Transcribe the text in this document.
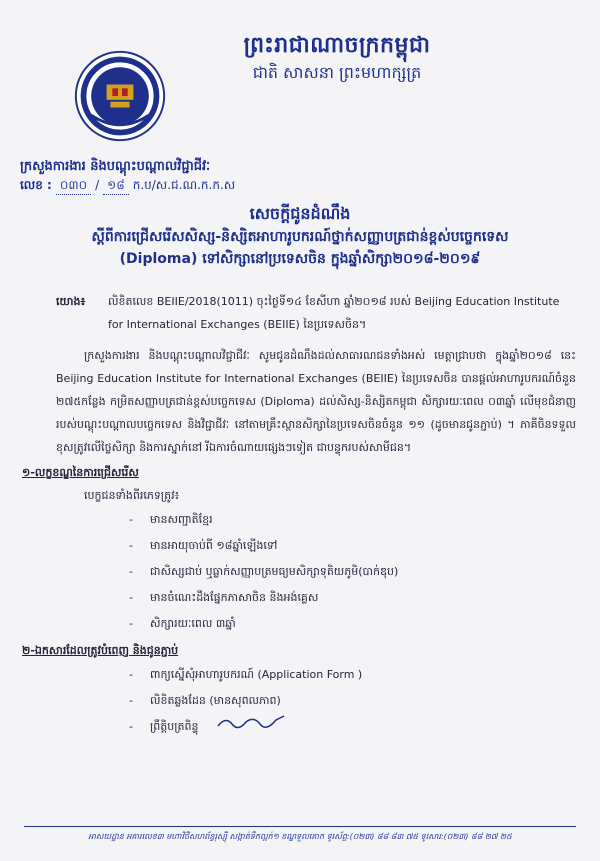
ព្រះរាជាណាចក្រកម្ពុជា
ជាតិ សាសនា ព្រះមហាក្សត្រ
ក្រសួងការងារ និងបណ្តុះបណ្តាលវិជ្ជាជីវៈ
លេខ : ០៣០ / ១៨ ក.ប/ស.ជ.ណ.ក.ក.ស
សេចក្តីជូនដំណឹង
ស្តីពីការជ្រើសរើសសិស្ស-និស្សិតអាហារូបករណ៍ថ្នាក់សញ្ញាបត្រជាន់ខ្ពស់បច្ចេកទេស
(Diploma) ទៅសិក្សានៅប្រទេសចិន ក្នុងឆ្នាំសិក្សា២០១៨-២០១៩
យោង៖	លិខិតលេខ BEIIE/2018(1011) ចុះថ្ងៃទី១៤ ខែសីហា ឆ្នាំ២០១៨ របស់ Beijing Education Institute for International Exchanges (BEIIE) នៃប្រទេសចិន។

ក្រសួងការងារ និងបណ្តុះបណ្តាលវិជ្ជាជីវៈ សូមជូនដំណឹងដល់សាធារណជនទាំងអស់ មេត្តាជ្រាបថា ក្នុងឆ្នាំ២០១៨ នេះ Beijing Education Institute for International Exchanges (BEIIE) នៃប្រទេសចិន បានផ្តល់អាហារូបករណ៍ចំនួន ២៧៥កន្លែង កម្រិតសញ្ញាបត្រជាន់ខ្ពស់បច្ចេកទេស (Diploma) ដល់សិស្ស-និស្សិតកម្ពុជា សិក្សារយៈពេល ០៣ឆ្នាំ លើមុខជំនាញរបស់បណ្តុះបណ្តាលបច្ចេកទេស និងវិជ្ជាជីវៈ នៅតាមគ្រឹះស្ថានសិក្សានៃប្រទេសចិនចំនួន ១១ (ដូចមានជូនភ្ជាប់) ។ ភាគីចិនទទួលខុសត្រូវលើថ្លៃសិក្សា និងការស្នាក់នៅ រីឯការចំណាយផ្សេងៗទៀត ជាបន្ទុករបស់សាមីជន។

១-លក្ខខណ្ឌនៃការជ្រើសរើស
បេក្ខជនទាំងពីរភេទត្រូវ៖
- មានសញ្ជាតិខ្មែរ
- មានអាយុចាប់ពី ១៨ឆ្នាំឡើងទៅ
- ជាសិស្សជាប់ ឬធ្លាក់សញ្ញាបត្រមធ្យមសិក្សាទុតិយភូមិ(បាក់ឌុប)
- មានចំណេះដឹងផ្នែកភាសាចិន និងអង់គ្លេស
- សិក្សារយៈពេល ៣ឆ្នាំ
២-ឯកសារដែលត្រូវបំពេញ និងជូនភ្ជាប់
- ពាក្យស្នើសុំអាហារូបករណ៍ (Application Form )
- លិខិតឆ្លងដែន (មានសុពលភាព)
- ព្រឹត្តិបត្រពិន្ទុ
អាសយដ្ឋាន អគារលេខ៣ មហាវិថីសហព័ន្ធរុស្ស៊ី សង្កាត់ទឹកល្អក់១ ខណ្ឌទួលគោក ទូរស័ព្ទ:(០២៣) ៨៨ ៨៣ ៧៥ ទូរសារ:(០២៣) ៨៨ ២៧ ២៥
